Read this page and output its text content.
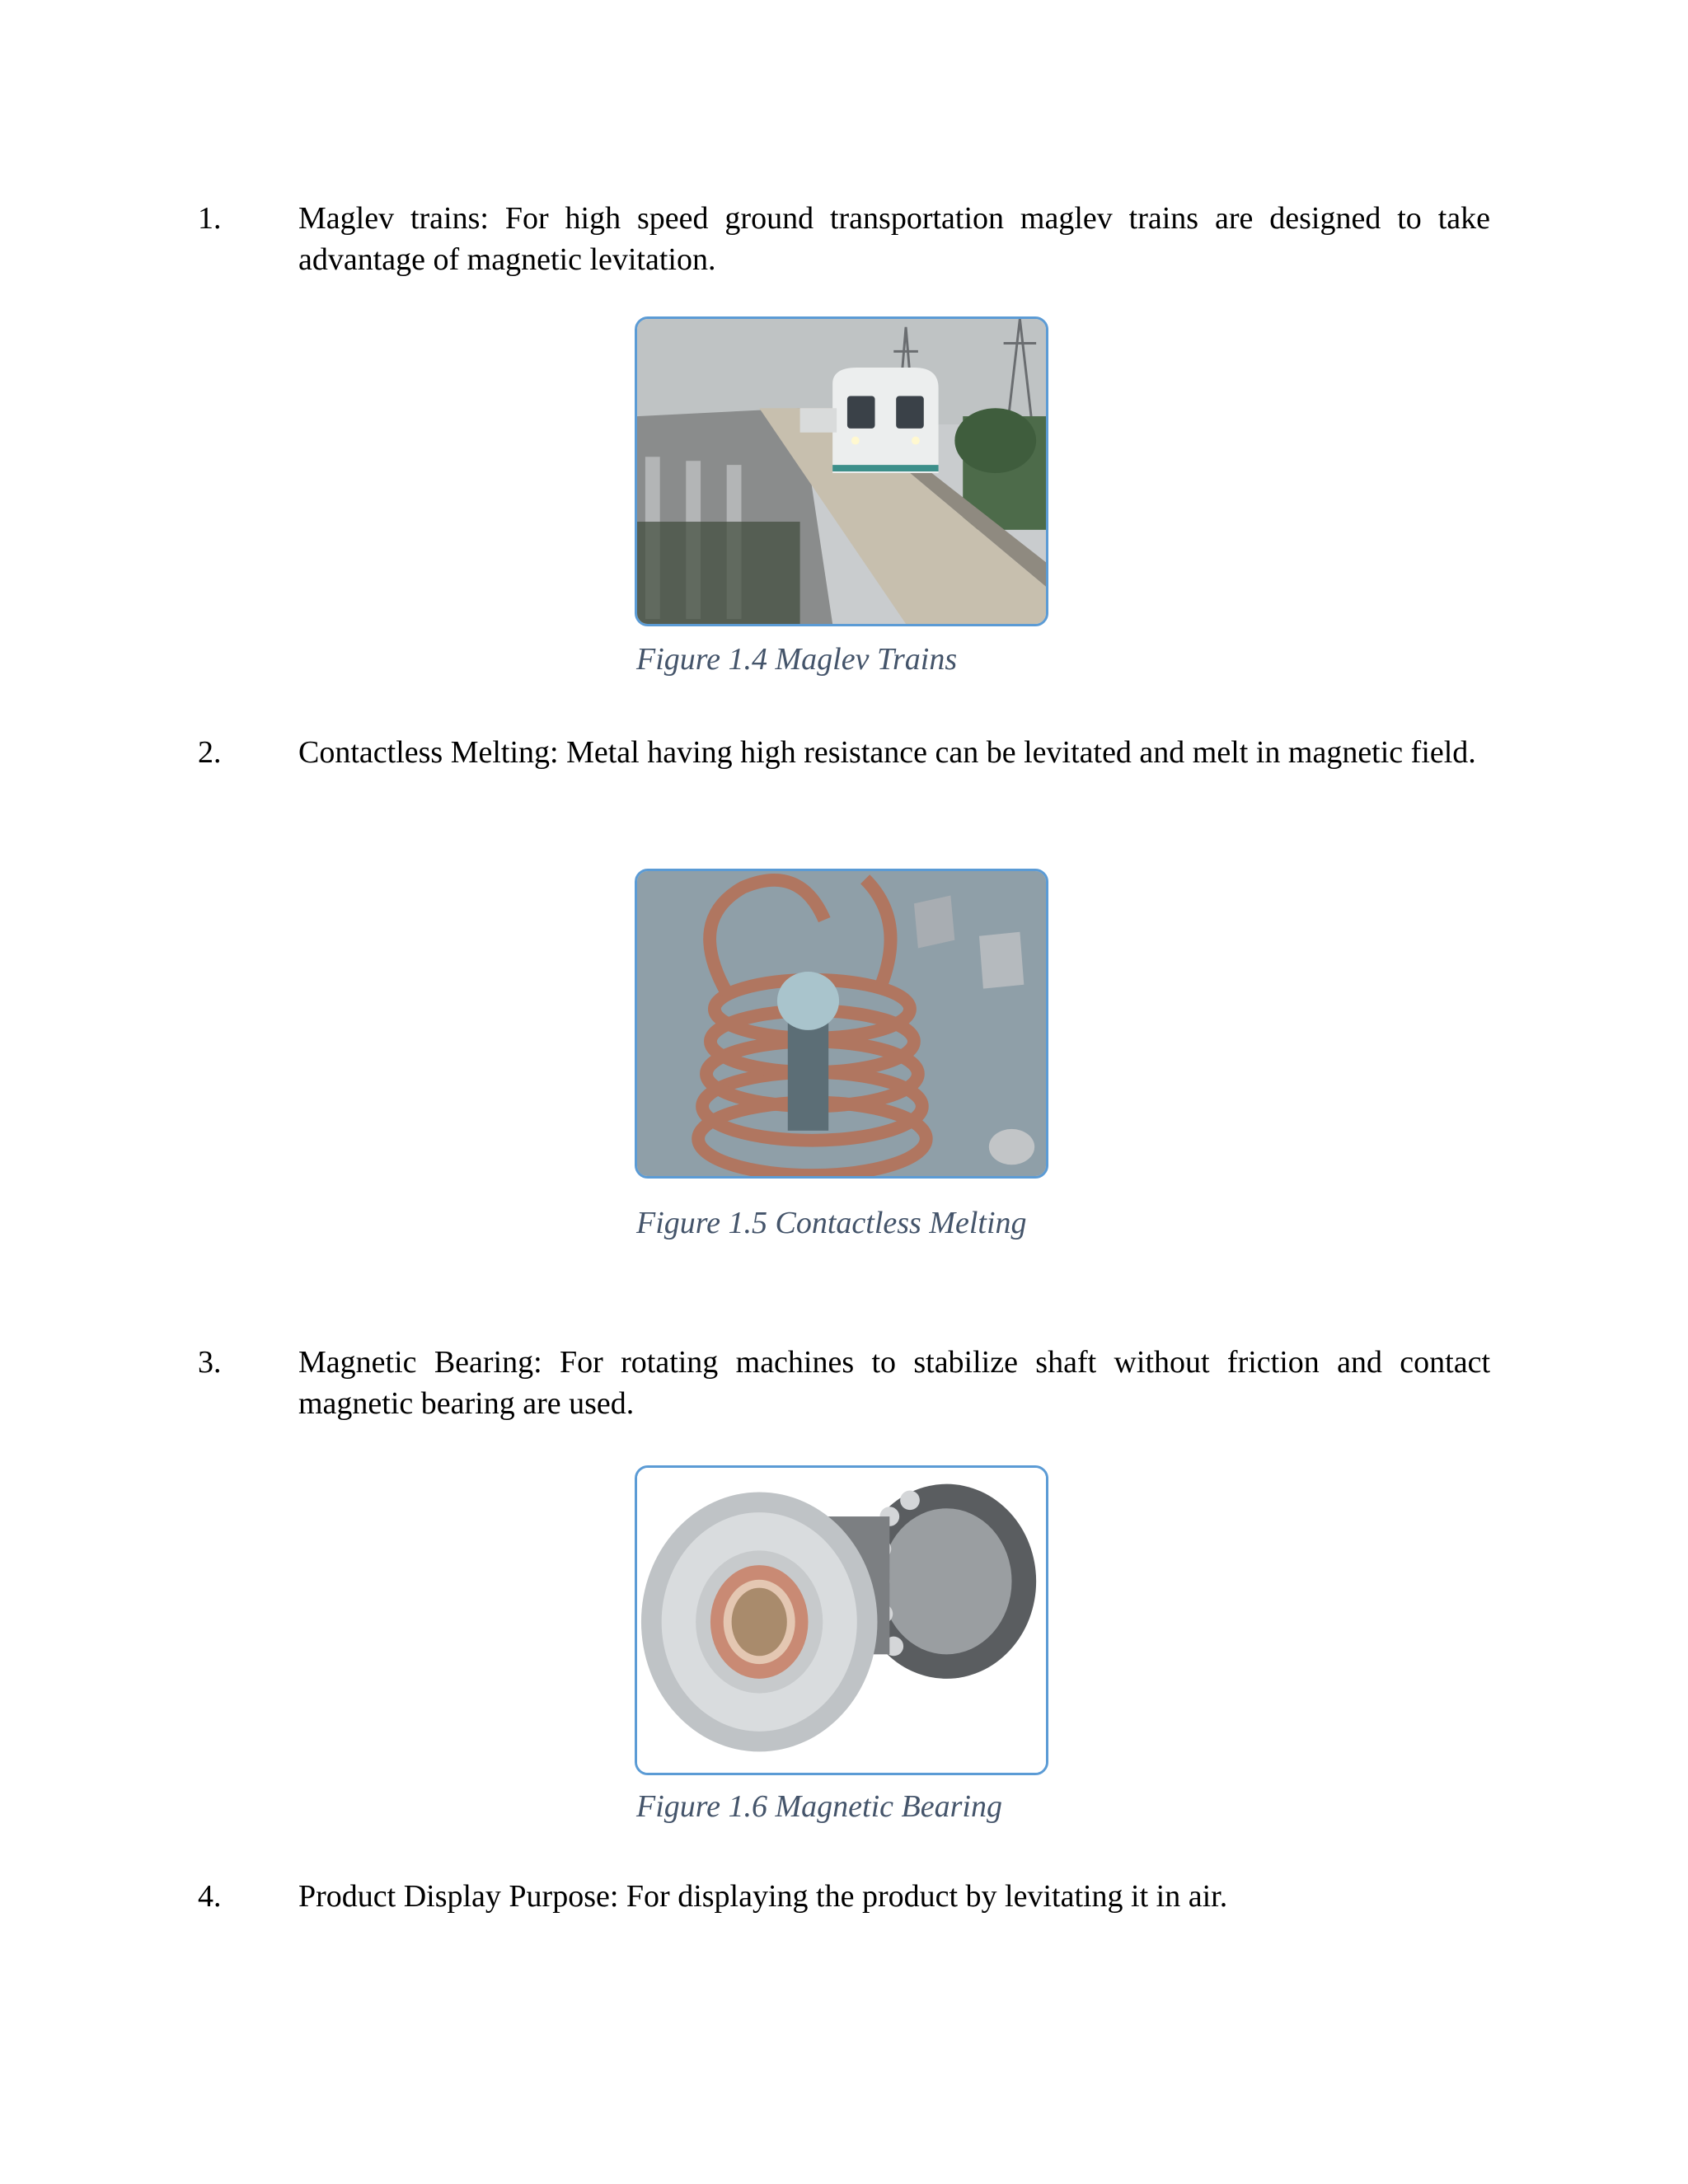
1. Maglev trains: For high speed ground transportation maglev trains are designed to take advantage of magnetic levitation.
Figure 1.4 Maglev Trains
2. Contactless Melting: Metal having high resistance can be levitated and melt in magnetic field.
Figure 1.5 Contactless Melting
3. Magnetic Bearing: For rotating machines to stabilize shaft without friction and contact magnetic bearing are used.
Figure 1.6 Magnetic Bearing
4. Product Display Purpose: For displaying the product by levitating it in air.
